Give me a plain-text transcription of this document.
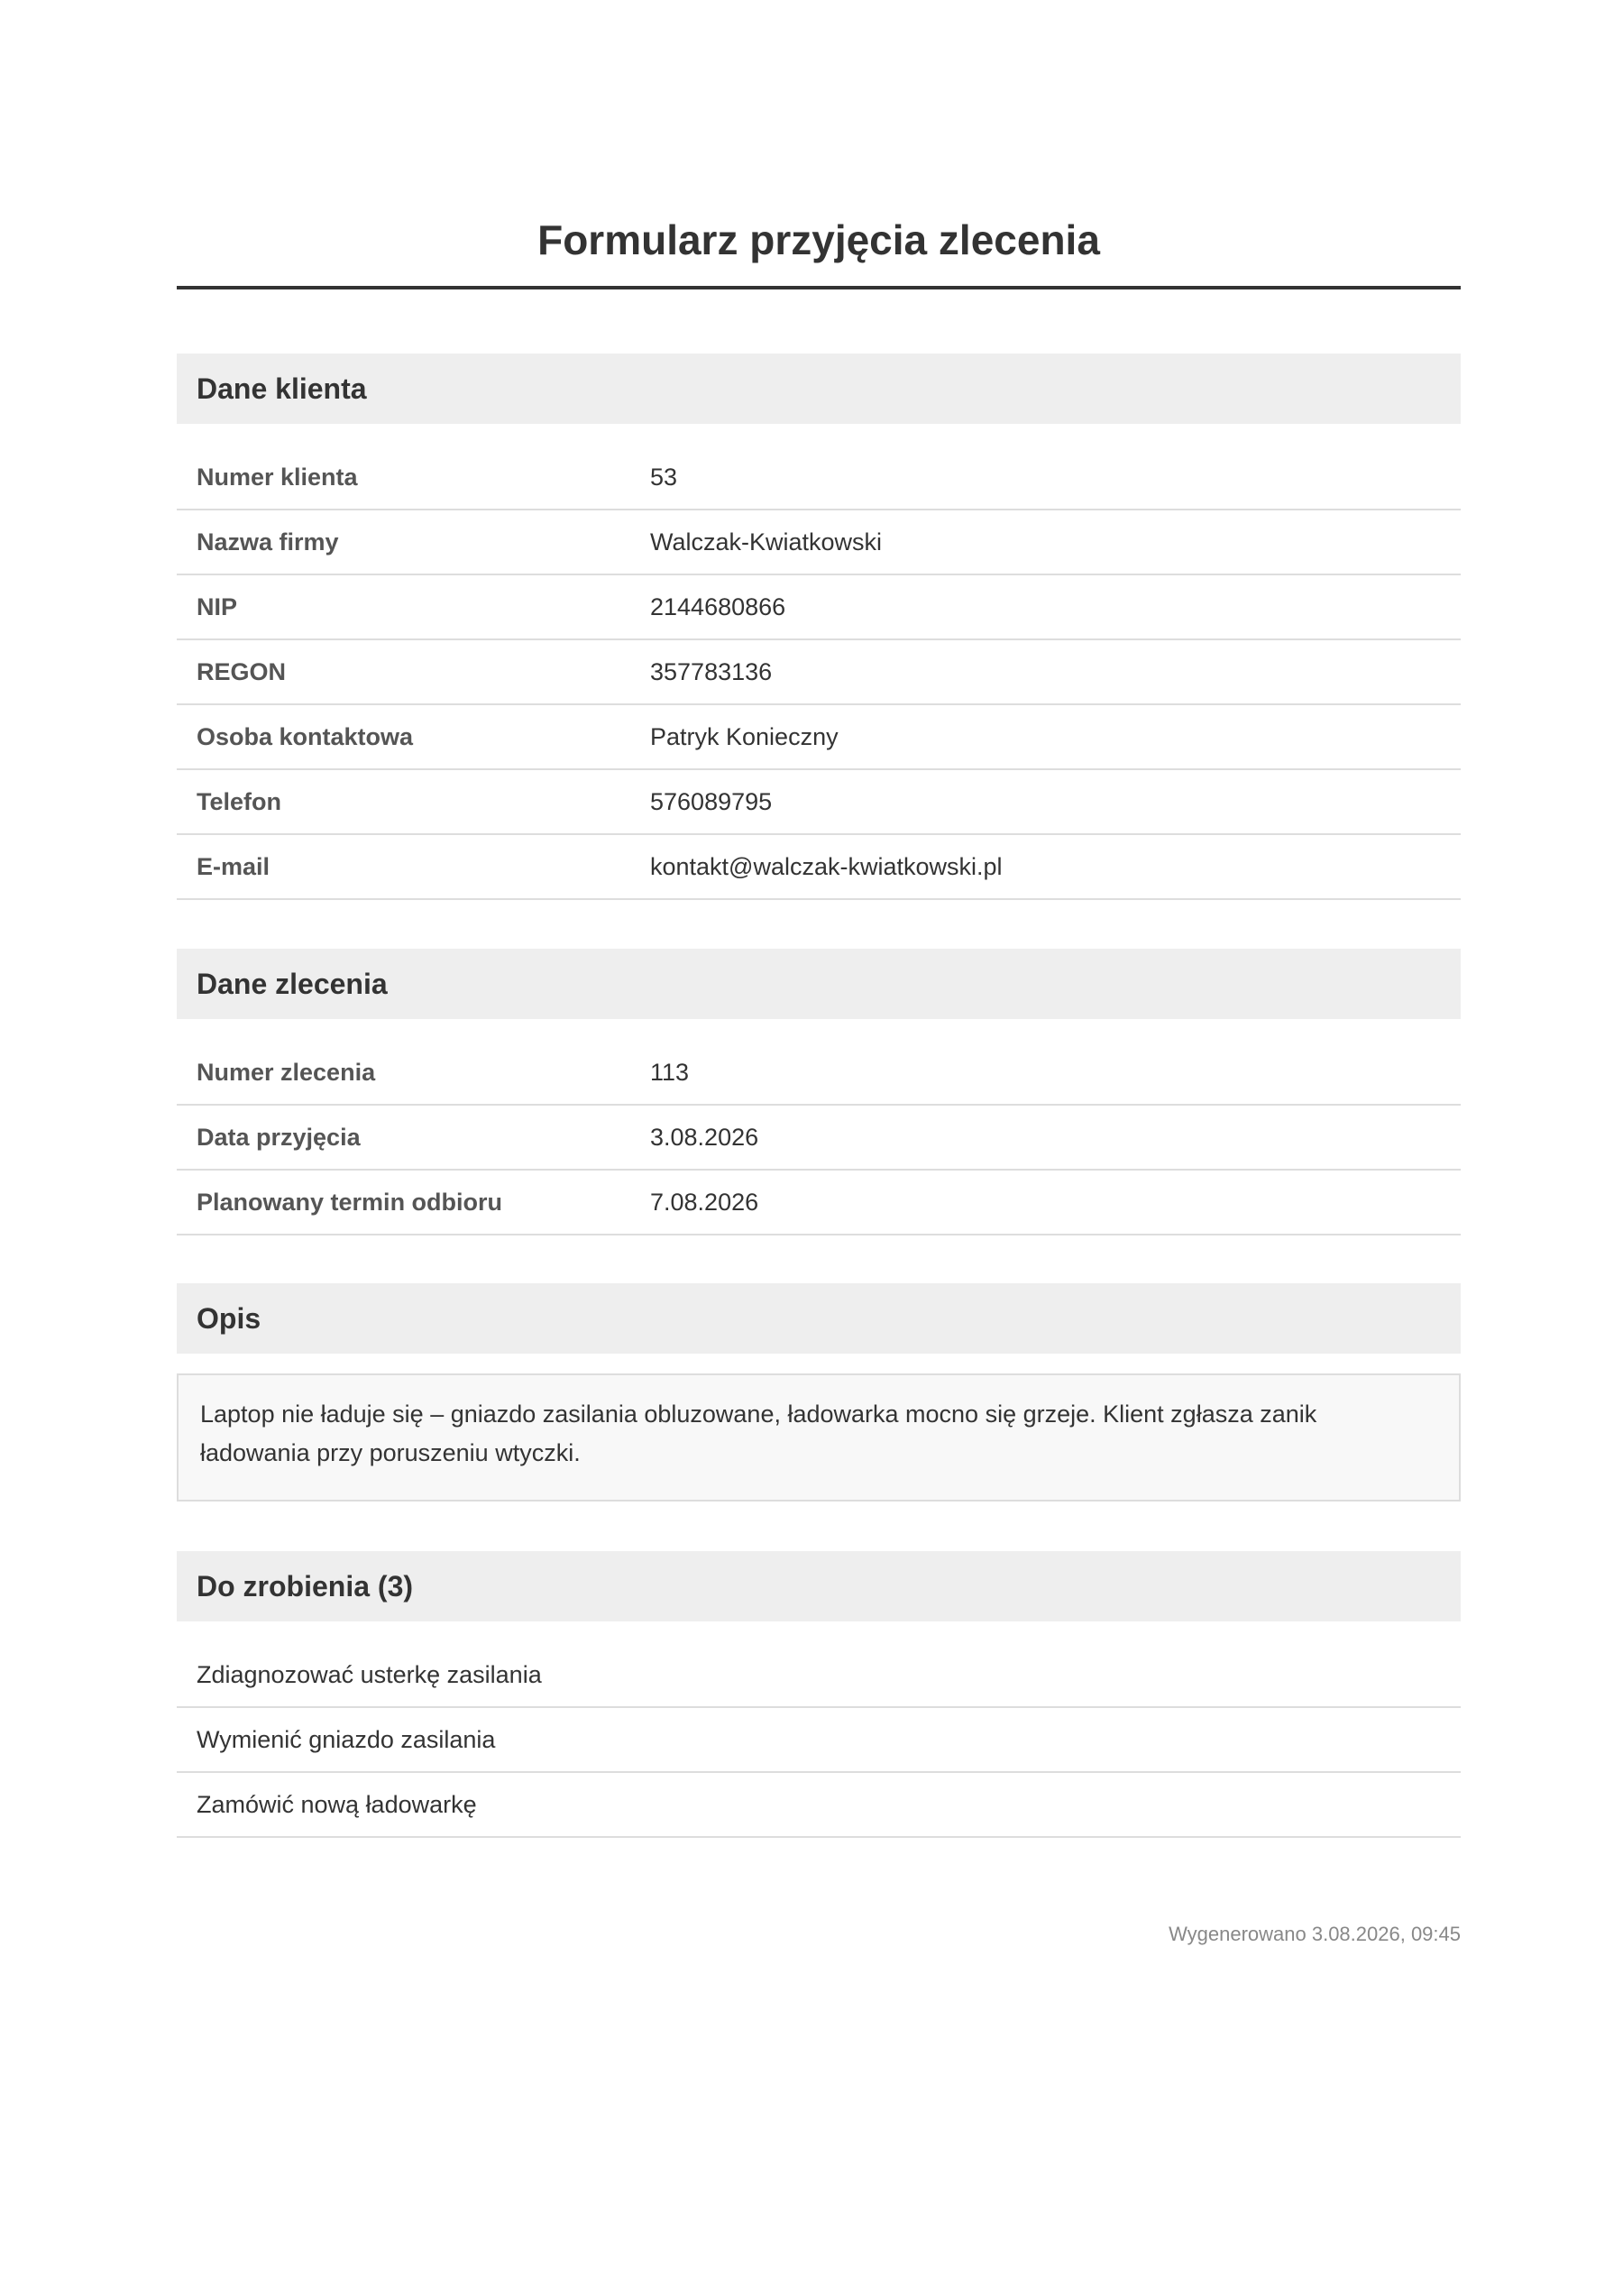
Formularz przyjęcia zlecenia
Dane klienta
Numer klienta	53
Nazwa firmy	Walczak-Kwiatkowski
NIP	2144680866
REGON	357783136
Osoba kontaktowa	Patryk Konieczny
Telefon	576089795
E-mail	kontakt@walczak-kwiatkowski.pl
Dane zlecenia
Numer zlecenia	113
Data przyjęcia	3.08.2026
Planowany termin odbioru	7.08.2026
Opis
Laptop nie ładuje się – gniazdo zasilania obluzowane, ładowarka mocno się grzeje. Klient zgłasza zanik
ładowania przy poruszeniu wtyczki.
Do zrobienia (3)
Zdiagnozować usterkę zasilania
Wymienić gniazdo zasilania
Zamówić nową ładowarkę
Wygenerowano 3.08.2026, 09:45
